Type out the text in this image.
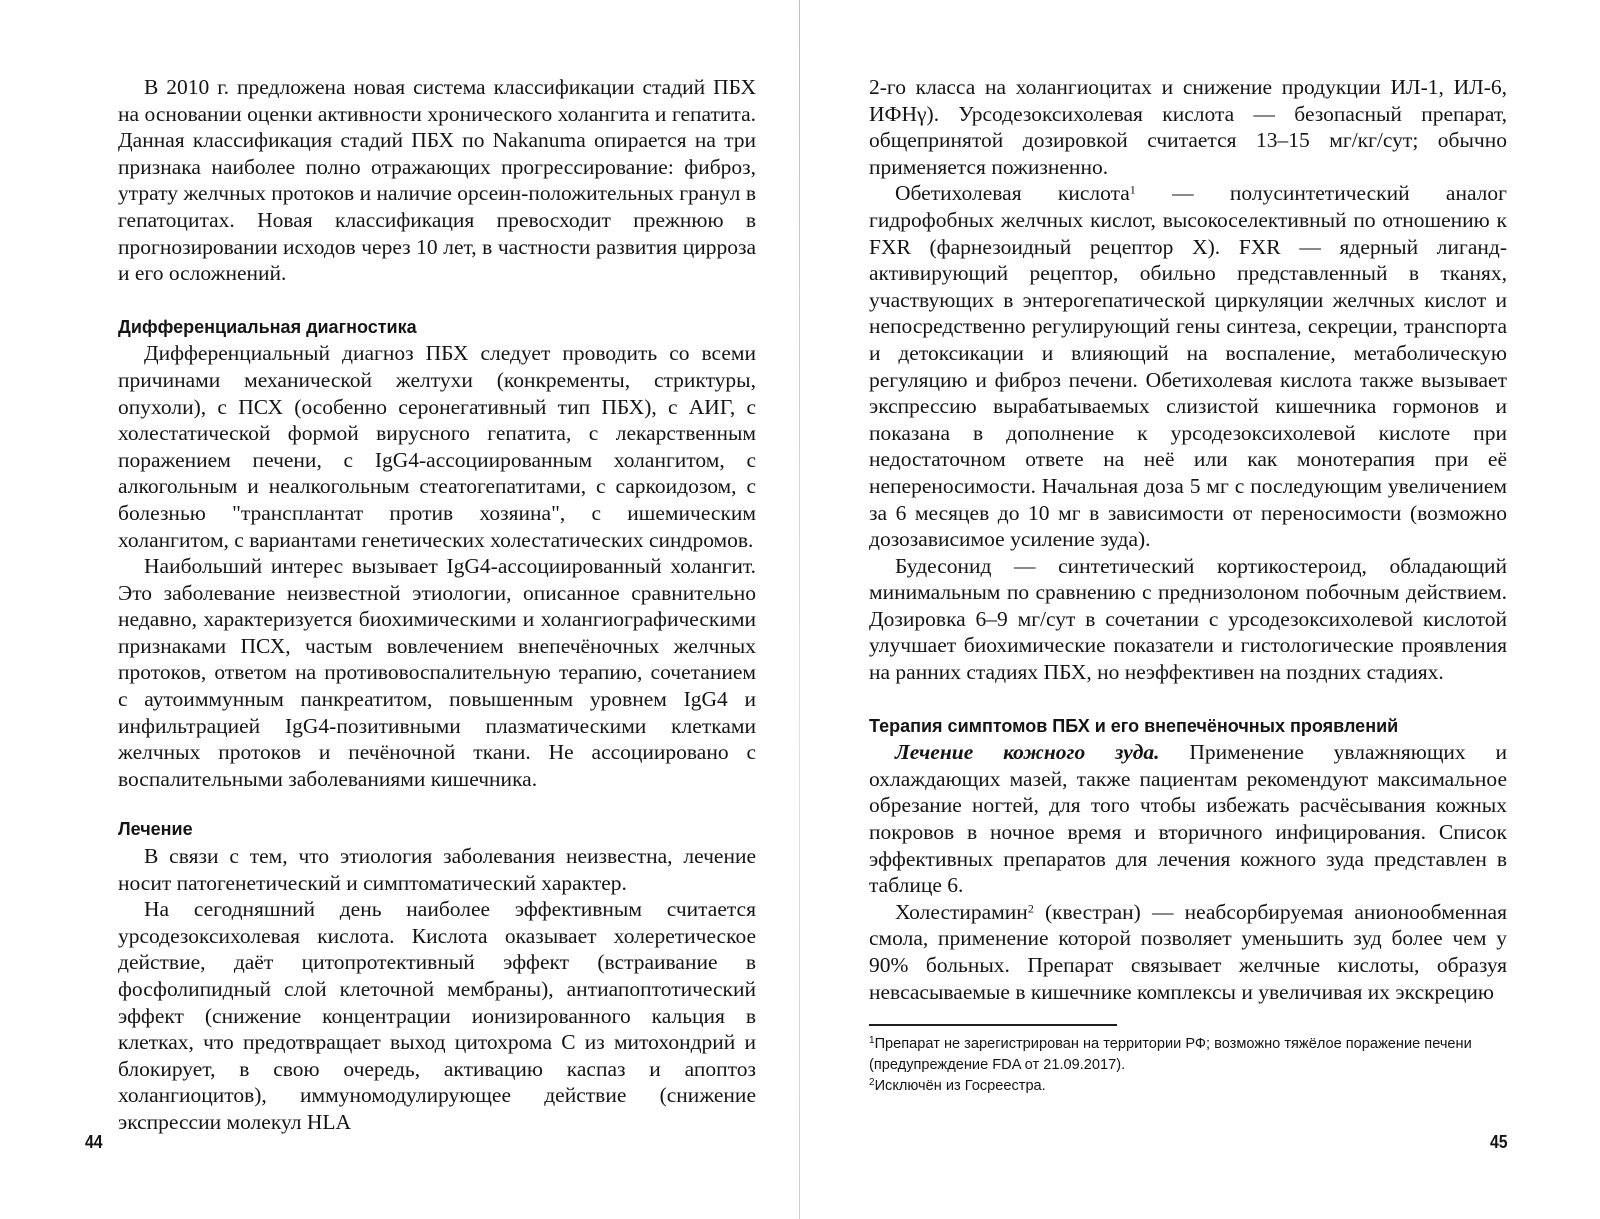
В 2010 г. предложена новая система классификации стадий ПБХ на основании оценки активности хронического холангита и гепатита. Данная классификация стадий ПБХ по Nakanuma опирается на три признака наиболее полно отражающих прогрессирование: фиброз, утрату желчных протоков и наличие орсеин-положительных гранул в гепатоцитах. Новая классификация превосходит прежнюю в прогнозировании исходов через 10 лет, в частности развития цирроза и его осложнений.

Дифференциальная диагностика

Дифференциальный диагноз ПБХ следует проводить со всеми причинами механической желтухи (конкременты, стриктуры, опухоли), с ПСХ (особенно серонегативный тип ПБХ), с АИГ, с холестатической формой вирусного гепатита, с лекарственным поражением печени, с IgG4-ассоциированным холангитом, с алкогольным и неалкогольным стеатогепатитами, с саркоидозом, с болезнью "трансплантат против хозяина", с ишемическим холангитом, с вариантами генетических холестатических синдромов.

Наибольший интерес вызывает IgG4-ассоциированный холангит. Это заболевание неизвестной этиологии, описанное сравнительно недавно, характеризуется биохимическими и холангиографическими признаками ПСХ, частым вовлечением внепечёночных желчных протоков, ответом на противовоспалительную терапию, сочетанием с аутоиммунным панкреатитом, повышенным уровнем IgG4 и инфильтрацией IgG4-позитивными плазматическими клетками желчных протоков и печёночной ткани. Не ассоциировано с воспалительными заболеваниями кишечника.

Лечение

В связи с тем, что этиология заболевания неизвестна, лечение носит патогенетический и симптоматический характер.

На сегодняшний день наиболее эффективным считается урсодезоксихолевая кислота. Кислота оказывает холеретическое действие, даёт цитопротективный эффект (встраивание в фосфолипидный слой клеточной мембраны), антиапоптотический эффект (снижение концентрации ионизированного кальция в клетках, что предотвращает выход цитохрома С из митохондрий и блокирует, в свою очередь, активацию каспаз и апоптоз холангиоцитов), иммуномодулирующее действие (снижение экспрессии молекул HLA

2-го класса на холангиоцитах и снижение продукции ИЛ-1, ИЛ-6, ИФНγ). Урсодезоксихолевая кислота — безопасный препарат, общепринятой дозировкой считается 13–15 мг/кг/сут; обычно применяется пожизненно.

Обетихолевая кислота$^1$ — полусинтетический аналог гидрофобных желчных кислот, высокоселективный по отношению к FXR (фарнезоидный рецептор X). FXR — ядерный лиганд-активирующий рецептор, обильно представленный в тканях, участвующих в энтерогепатической циркуляции желчных кислот и непосредственно регулирующий гены синтеза, секреции, транспорта и детоксикации и влияющий на воспаление, метаболическую регуляцию и фиброз печени. Обетихолевая кислота также вызывает экспрессию вырабатываемых слизистой кишечника гормонов и показана в дополнение к урсодезоксихолевой кислоте при недостаточном ответе на неё или как монотерапия при её непереносимости. Начальная доза 5 мг с последующим увеличением за 6 месяцев до 10 мг в зависимости от переносимости (возможно дозозависимое усиление зуда).

Будесонид — синтетический кортикостероид, обладающий минимальным по сравнению с преднизолоном побочным действием. Дозировка 6–9 мг/сут в сочетании с урсодезоксихолевой кислотой улучшает биохимические показатели и гистологические проявления на ранних стадиях ПБХ, но неэффективен на поздних стадиях.

Терапия симптомов ПБХ и его внепечёночных проявлений

Лечение кожного зуда. Применение увлажняющих и охлаждающих мазей, также пациентам рекомендуют максимальное обрезание ногтей, для того чтобы избежать расчёсывания кожных покровов в ночное время и вторичного инфицирования. Список эффективных препаратов для лечения кожного зуда представлен в таблице 6.

Холестирамин$^2$ (квестран) — неабсорбируемая анионообменная смола, применение которой позволяет уменьшить зуд более чем у 90% больных. Препарат связывает желчные кислоты, образуя невсасываемые в кишечнике комплексы и увеличивая их экскрецию

$^1$Препарат не зарегистрирован на территории РФ; возможно тяжёлое поражение печени (предупреждение FDA от 21.09.2017).
$^2$Исключён из Госреестра.
44	45
